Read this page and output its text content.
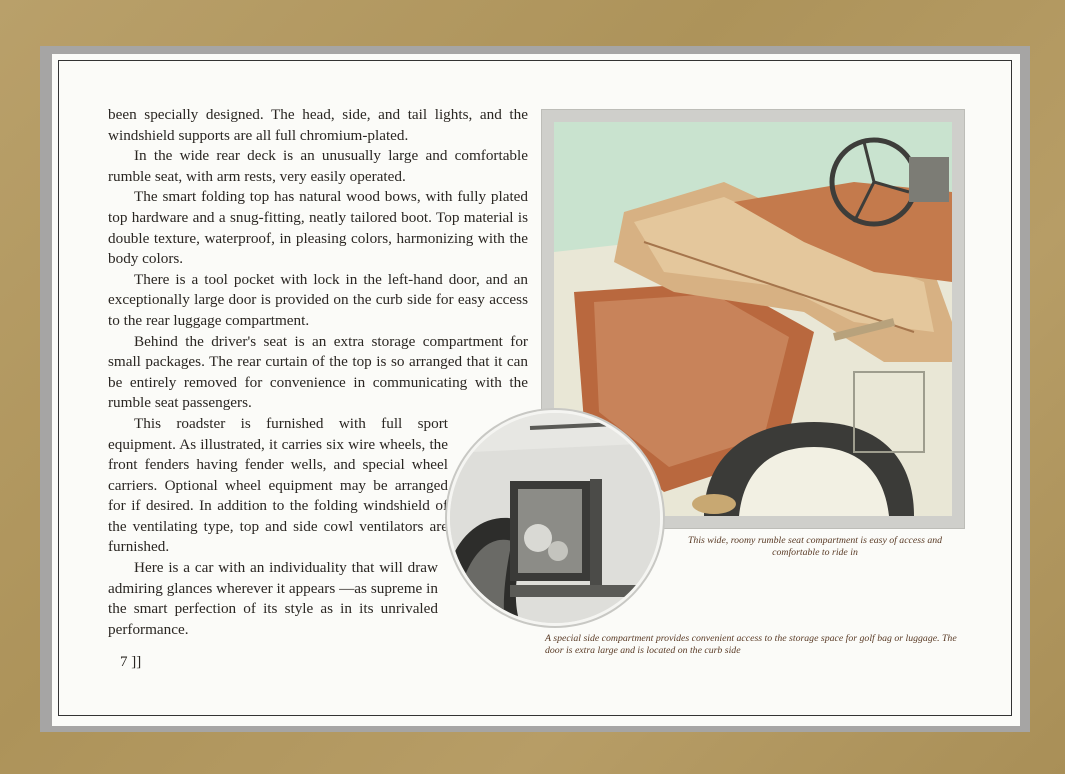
been specially designed. The head, side, and tail lights, and the windshield supports are all full chromium-plated.

In the wide rear deck is an unusually large and comfortable rumble seat, with arm rests, very easily operated.

The smart folding top has natural wood bows, with fully plated top hardware and a snug-fitting, neatly tailored boot. Top material is double texture, waterproof, in pleasing colors, harmonizing with the body colors.

There is a tool pocket with lock in the left-hand door, and an exceptionally large door is provided on the curb side for easy access to the rear luggage compartment.

Behind the driver's seat is an extra storage compartment for small packages. The rear curtain of the top is so arranged that it can be entirely removed for convenience in communicating with the rumble seat passengers.

This roadster is furnished with full sport equipment. As illustrated, it carries six wire wheels, the front fenders having fender wells, and special wheel carriers. Optional wheel equipment may be arranged for if desired. In addition to the folding windshield of the ventilating type, top and side cowl ventilators are furnished.

Here is a car with an individuality that will draw admiring glances wherever it appears —as supreme in the smart perfection of its style as in its unrivaled performance.

7 ]]
This wide, roomy rumble seat compartment is easy of access and comfortable to ride in
A special side compartment provides convenient access to the storage space for golf bag or luggage. The door is extra large and is located on the curb side
